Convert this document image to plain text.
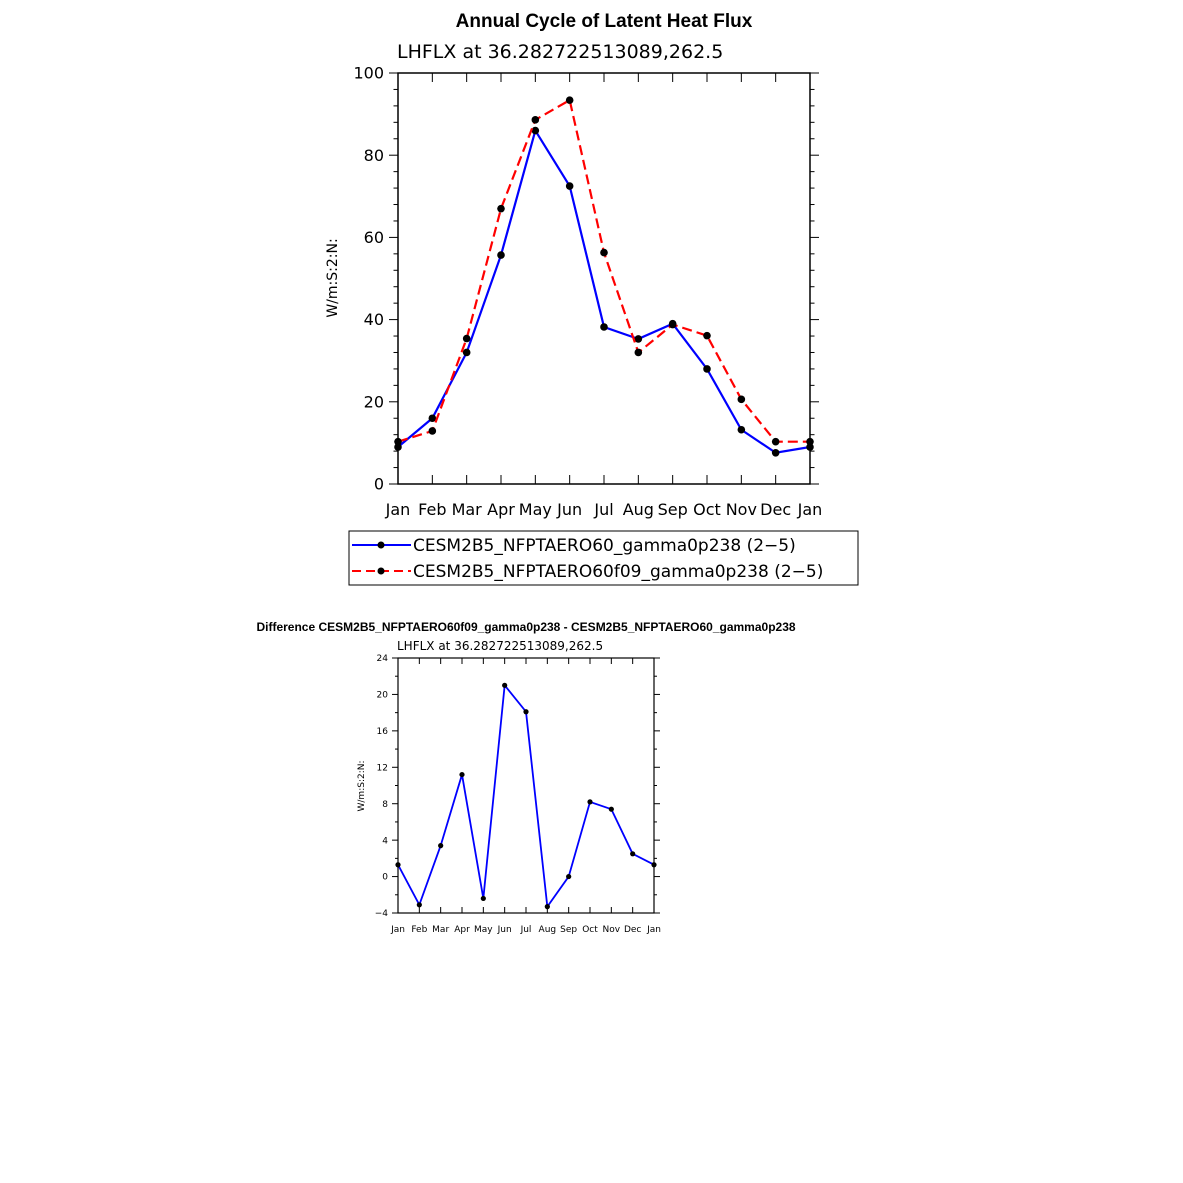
Annual Cycle of Latent Heat Flux
LHFLX at 36.282722513089,262.5
W/m:S:2:N:
Jan Feb Mar Apr May Jun Jul Aug Sep Oct Nov Dec Jan
0
20
40
60
80
100
CESM2B5_NFPTAERO60_gamma0p238 (2−5)
CESM2B5_NFPTAERO60f09_gamma0p238 (2−5)
Difference CESM2B5_NFPTAERO60f09_gamma0p238 - CESM2B5_NFPTAERO60_gamma0p238
LHFLX at 36.282722513089,262.5
W/m:S:2:N:
Jan Feb Mar Apr May Jun Jul Aug Sep Oct Nov Dec Jan
−4
0
4
8
12
16
20
24
